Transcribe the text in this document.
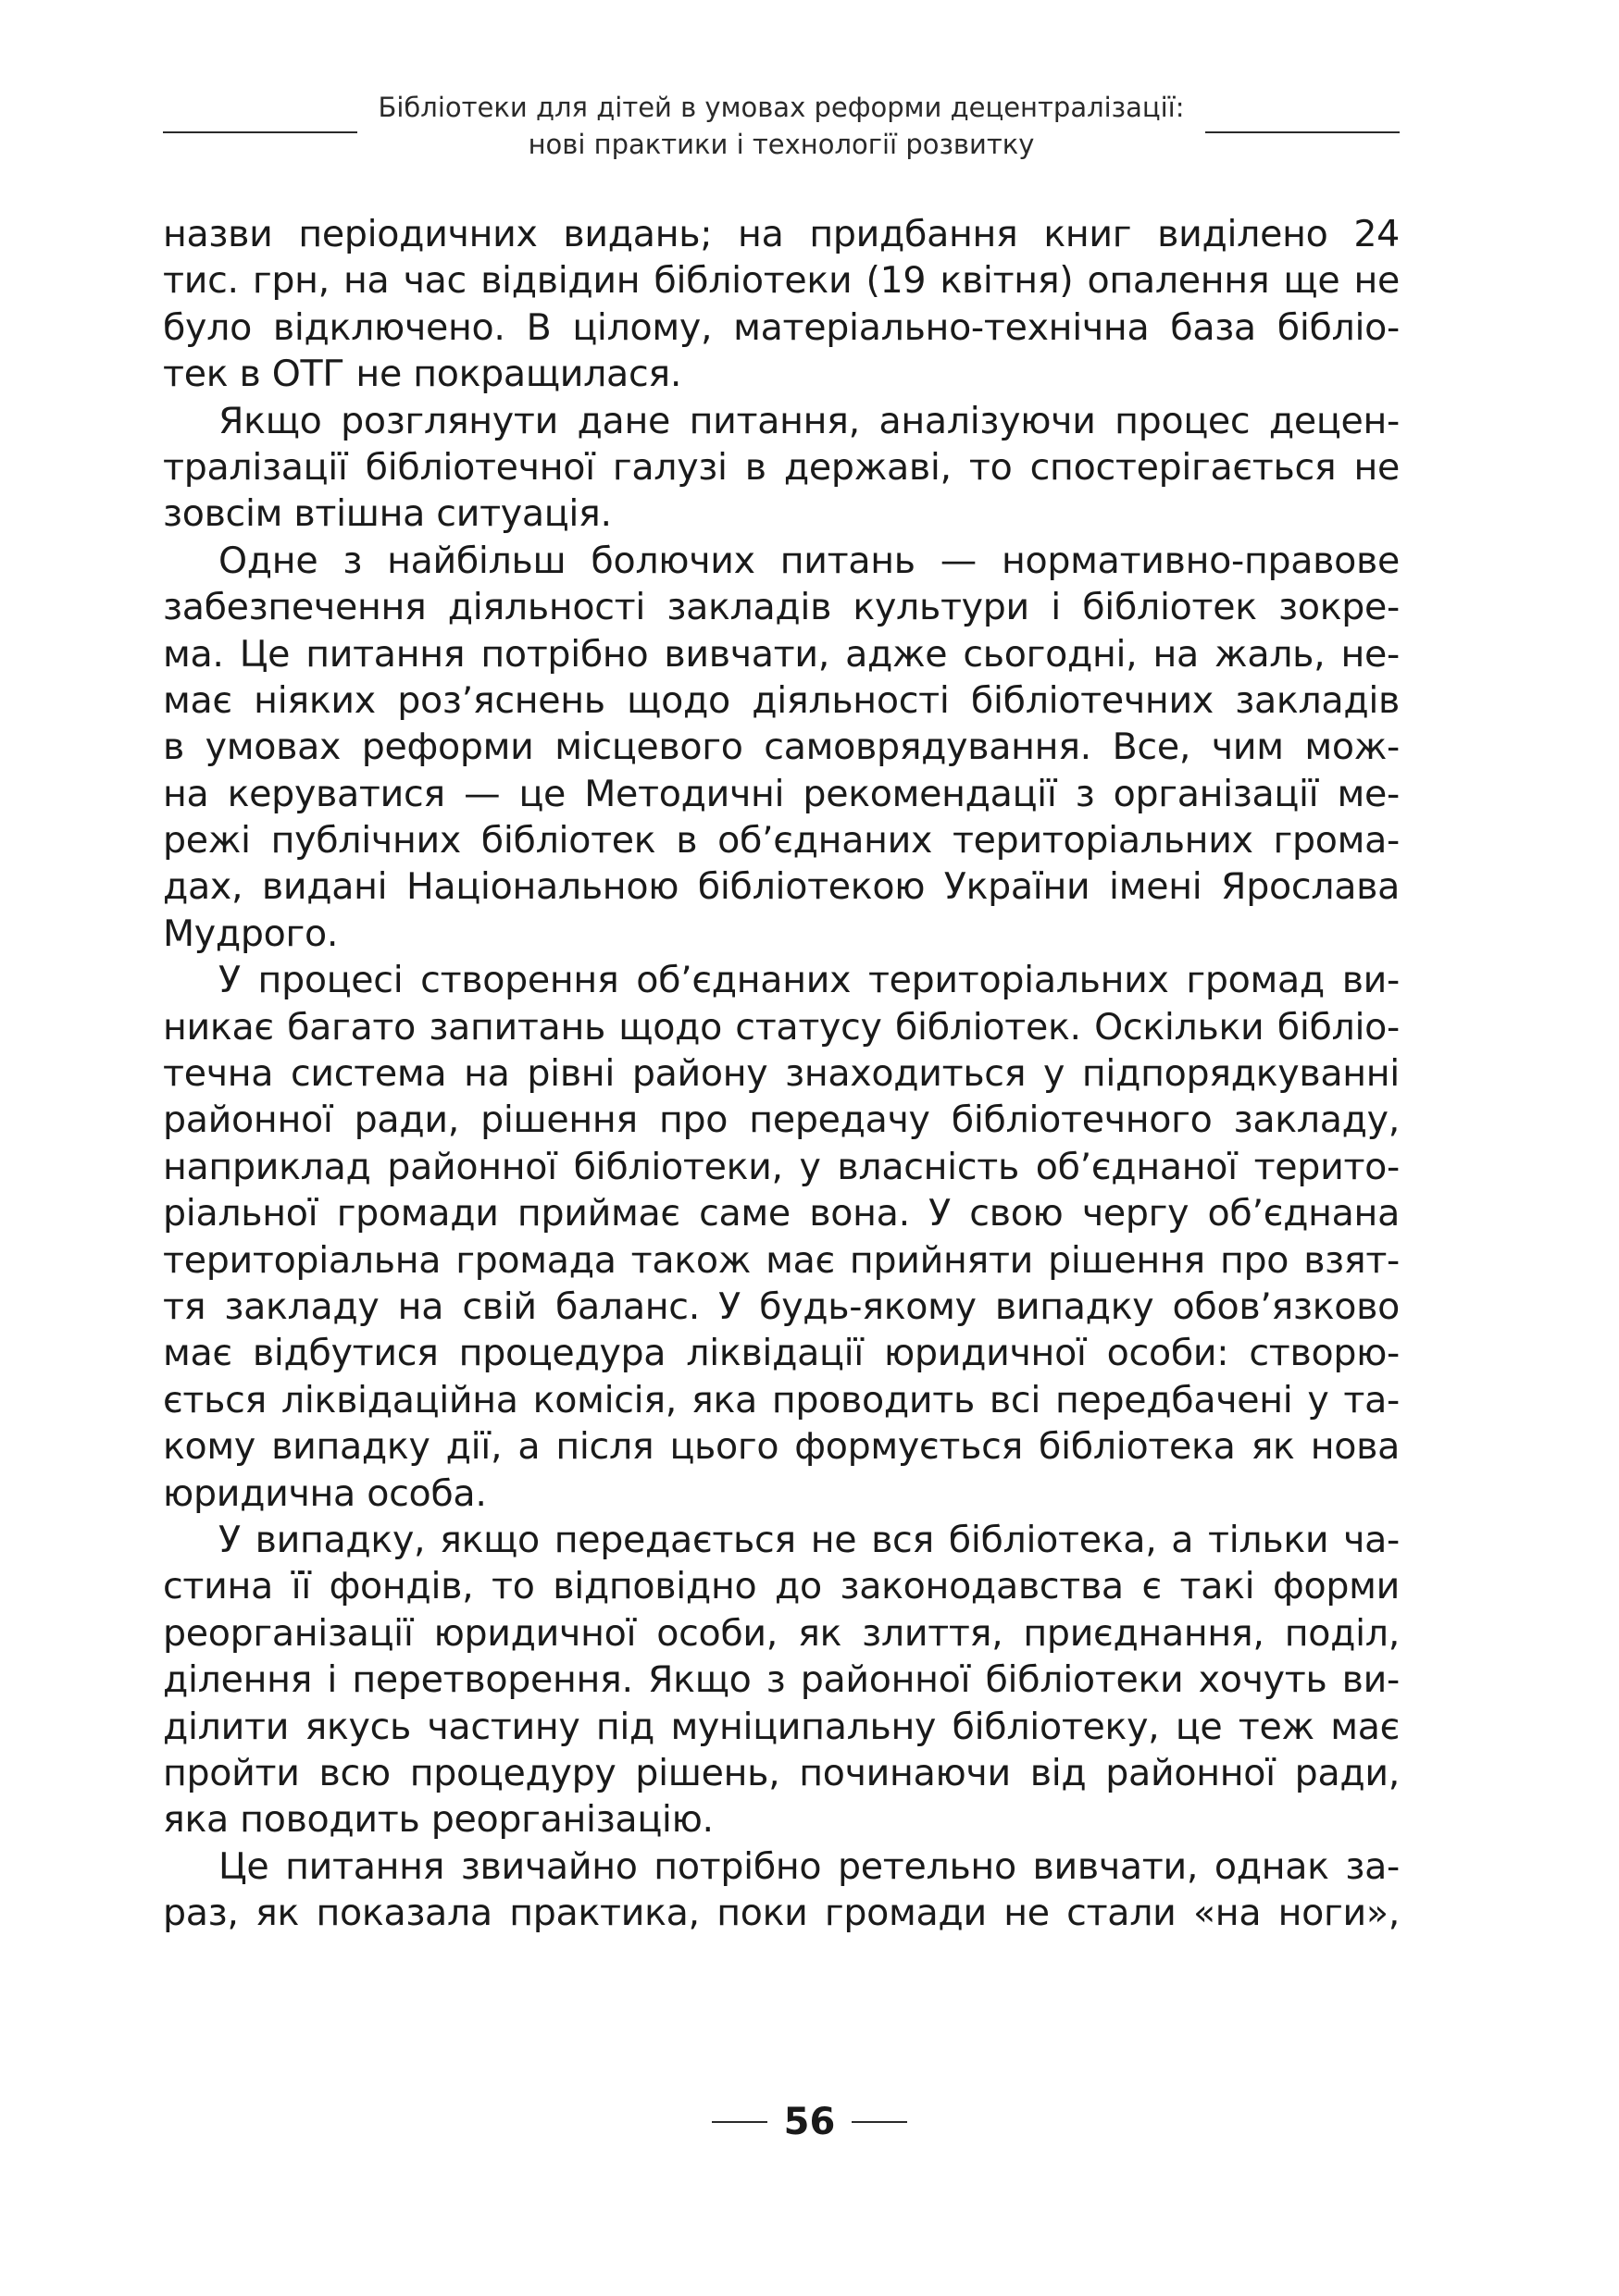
Бібліотеки для дітей в умовах реформи децентралізації:
нові практики і технології розвитку
назви періодичних видань; на придбання книг виділено 24
тис. грн, на час відвідин бібліотеки (19 квітня) опалення ще не
було відключено. В цілому, матеріально-технічна база бібліо-
тек в ОТГ не покращилася.
Якщо розглянути дане питання, аналізуючи процес децен-
тралізації бібліотечної галузі в державі, то спостерігається не
зовсім втішна ситуація.
Одне з найбільш болючих питань — нормативно-правове
забезпечення діяльності закладів культури і бібліотек зокре-
ма. Це питання потрібно вивчати, адже сьогодні, на жаль, не-
має ніяких роз’яснень щодо діяльності бібліотечних закладів
в умовах реформи місцевого самоврядування. Все, чим мож-
на керуватися — це Методичні рекомендації з організації ме-
режі публічних бібліотек в об’єднаних територіальних грома-
дах, видані Національною бібліотекою України імені Ярослава
Мудрого.
У процесі створення об’єднаних територіальних громад ви-
никає багато запитань щодо статусу бібліотек. Оскільки бібліо-
течна система на рівні району знаходиться у підпорядкуванні
районної ради, рішення про передачу бібліотечного закладу,
наприклад районної бібліотеки, у власність об’єднаної терито-
ріальної громади приймає саме вона. У свою чергу об’єднана
територіальна громада також має прийняти рішення про взят-
тя закладу на свій баланс. У будь-якому випадку обов’язково
має відбутися процедура ліквідації юридичної особи: створю-
ється ліквідаційна комісія, яка проводить всі передбачені у та-
кому випадку дії, а після цього формується бібліотека як нова
юридична особа.
У випадку, якщо передається не вся бібліотека, а тільки ча-
стина її фондів, то відповідно до законодавства є такі форми
реорганізації юридичної особи, як злиття, приєднання, поділ,
ділення і перетворення. Якщо з районної бібліотеки хочуть ви-
ділити якусь частину під муніципальну бібліотеку, це теж має
пройти всю процедуру рішень, починаючи від районної ради,
яка поводить реорганізацію.
Це питання звичайно потрібно ретельно вивчати, однак за-
раз, як показала практика, поки громади не стали «на ноги»,
56
